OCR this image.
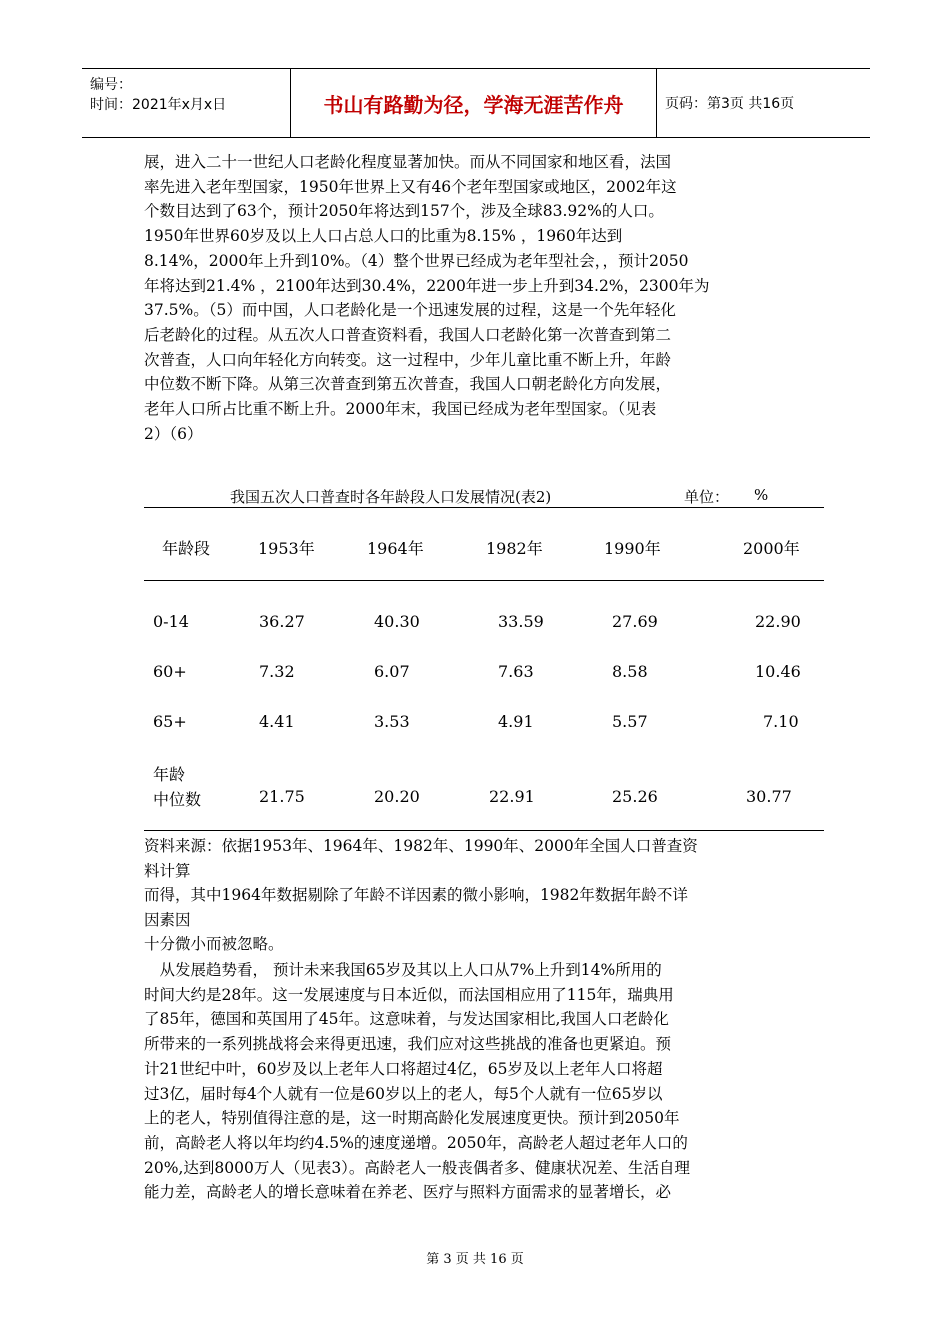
编号：
时间：2021年x月x日	书山有路勤为径，学海无涯苦作舟	页码：第3页 共16页

展，进入二十一世纪人口老龄化程度显著加快。而从不同国家和地区看，法国
率先进入老年型国家，1950年世界上又有46个老年型国家或地区，2002年这
个数目达到了63个，预计2050年将达到157个，涉及全球83.92%的人口。
1950年世界60岁及以上人口占总人口的比重为8.15% ，1960年达到
8.14%，2000年上升到10%。（4）整个世界已经成为老年型社会，，预计2050
年将达到21.4% ，2100年达到30.4%，2200年进一步上升到34.2%，2300年为
37.5%。（5）而中国，人口老龄化是一个迅速发展的过程，这是一个先年轻化
后老龄化的过程。从五次人口普查资料看，我国人口老龄化第一次普查到第二
次普查，人口向年轻化方向转变。这一过程中，少年儿童比重不断上升，年龄
中位数不断下降。从第三次普查到第五次普查，我国人口朝老龄化方向发展，
老年人口所占比重不断上升。2000年末，我国已经成为老年型国家。（见表
2）（6）

我国五次人口普查时各年龄段人口发展情况(表2)	单位： %
年龄段	1953年	1964年	1982年	1990年	2000年
0-14	36.27	40.30	33.59	27.69	22.90
60+	7.32	6.07	7.63	8.58	10.46
65+	4.41	3.53	4.91	5.57	7.10
年龄
中位数	21.75	20.20	22.91	25.26	30.77
资料来源：依据1953年、1964年、1982年、1990年、2000年全国人口普查资
料计算
而得，其中1964年数据剔除了年龄不详因素的微小影响，1982年数据年龄不详
因素因
十分微小而被忽略。

　从发展趋势看， 预计未来我国65岁及其以上人口从7%上升到14%所用的
时间大约是28年。这一发展速度与日本近似，而法国相应用了115年，瑞典用
了85年，德国和英国用了45年。这意味着，与发达国家相比,我国人口老龄化
所带来的一系列挑战将会来得更迅速，我们应对这些挑战的准备也更紧迫。预
计21世纪中叶，60岁及以上老年人口将超过4亿，65岁及以上老年人口将超
过3亿，届时每4个人就有一位是60岁以上的老人，每5个人就有一位65岁以
上的老人，特别值得注意的是，这一时期高龄化发展速度更快。预计到2050年
前，高龄老人将以年均约4.5%的速度递增。2050年，高龄老人超过老年人口的
20%,达到8000万人（见表3）。高龄老人一般丧偶者多、健康状况差、生活自理
能力差，高龄老人的增长意味着在养老、医疗与照料方面需求的显著增长，必

第 3 页 共 16 页
